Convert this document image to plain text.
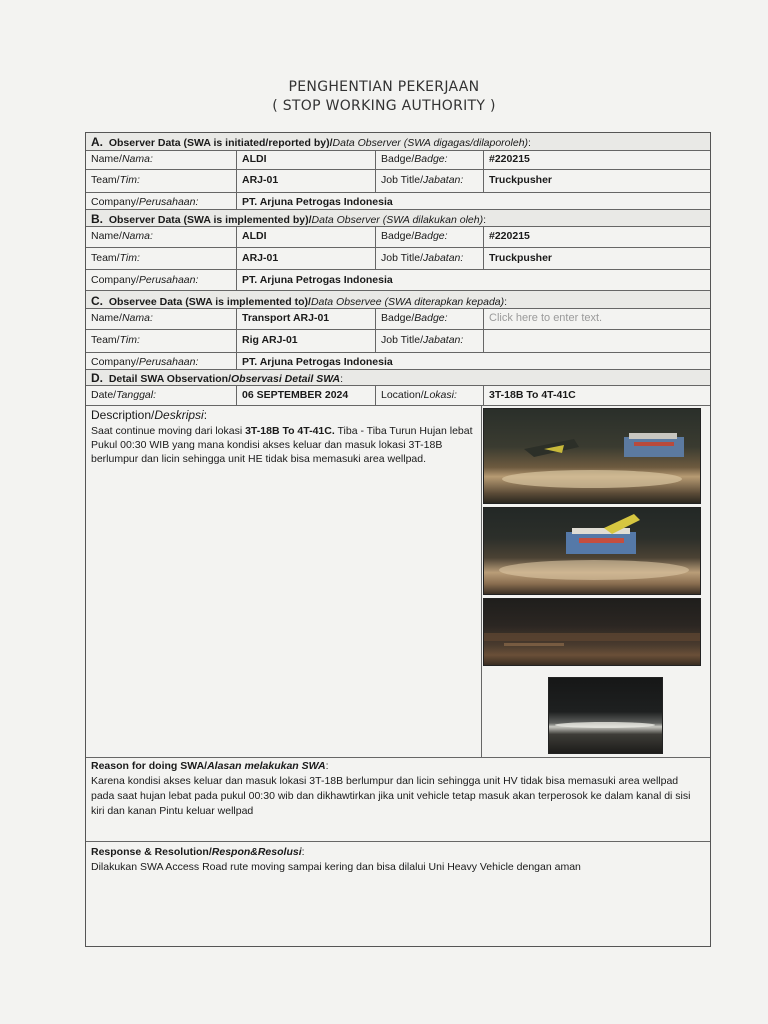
PENGHENTIAN PEKERJAAN
( STOP WORKING AUTHORITY )
A. Observer Data (SWA is initiated/reported by)/Data Observer (SWA digagas/dilaporoleh):
Name/Nama:	ALDI	Badge/Badge:	#220215
Team/Tim:	ARJ-01	Job Title/Jabatan:	Truckpusher
Company/Perusahaan:	PT. Arjuna Petrogas Indonesia
B. Observer Data (SWA is implemented by)/Data Observer (SWA dilakukan oleh):
Name/Nama:	ALDI	Badge/Badge:	#220215
Team/Tim:	ARJ-01	Job Title/Jabatan:	Truckpusher
Company/Perusahaan:	PT. Arjuna Petrogas Indonesia
C. Observee Data (SWA is implemented to)/Data Observee (SWA diterapkan kepada):
Name/Nama:	Transport ARJ-01	Badge/Badge:	Click here to enter text.
Team/Tim:	Rig ARJ-01	Job Title/Jabatan:
Company/Perusahaan:	PT. Arjuna Petrogas Indonesia
D. Detail SWA Observation/Observasi Detail SWA:
Date/Tanggal:	06 SEPTEMBER 2024	Location/Lokasi:	3T-18B To 4T-41C
Description/Deskripsi:
Saat continue moving dari lokasi 3T-18B To 4T-41C. Tiba - Tiba Turun Hujan lebat Pukul 00:30 WIB yang mana kondisi akses keluar dan masuk lokasi 3T-18B berlumpur dan licin sehingga unit HE tidak bisa memasuki area wellpad.
Reason for doing SWA/Alasan melakukan SWA:
Karena kondisi akses keluar dan masuk lokasi 3T-18B berlumpur dan licin sehingga unit HV tidak bisa memasuki area wellpad pada saat hujan lebat pada pukul 00:30 wib dan dikhawtirkan jika unit vehicle tetap masuk akan terperosok ke dalam kanal di sisi kiri dan kanan Pintu keluar wellpad
Response & Resolution/Respon&Resolusi:
Dilakukan SWA Access Road rute moving sampai kering dan bisa dilalui Uni Heavy Vehicle dengan aman
